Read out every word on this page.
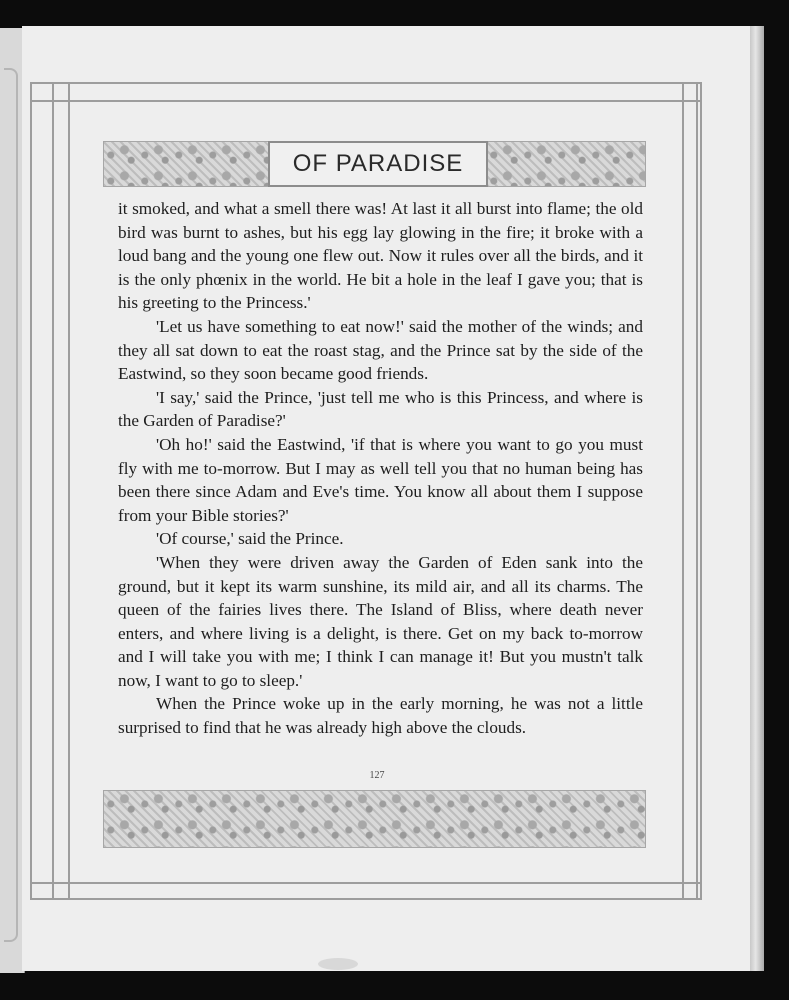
OF PARADISE

it smoked, and what a smell there was! At last it all burst into flame; the old bird was burnt to ashes, but his egg lay glowing in the fire; it broke with a loud bang and the young one flew out. Now it rules over all the birds, and it is the only phœnix in the world. He bit a hole in the leaf I gave you; that is his greeting to the Princess.'

'Let us have something to eat now!' said the mother of the winds; and they all sat down to eat the roast stag, and the Prince sat by the side of the Eastwind, so they soon became good friends.

'I say,' said the Prince, 'just tell me who is this Princess, and where is the Garden of Paradise?'

'Oh ho!' said the Eastwind, 'if that is where you want to go you must fly with me to-morrow. But I may as well tell you that no human being has been there since Adam and Eve's time. You know all about them I suppose from your Bible stories?'

'Of course,' said the Prince.

'When they were driven away the Garden of Eden sank into the ground, but it kept its warm sunshine, its mild air, and all its charms. The queen of the fairies lives there. The Island of Bliss, where death never enters, and where living is a delight, is there. Get on my back to-morrow and I will take you with me; I think I can manage it! But you mustn't talk now, I want to go to sleep.'

When the Prince woke up in the early morning, he was not a little surprised to find that he was already high above the clouds.

127
